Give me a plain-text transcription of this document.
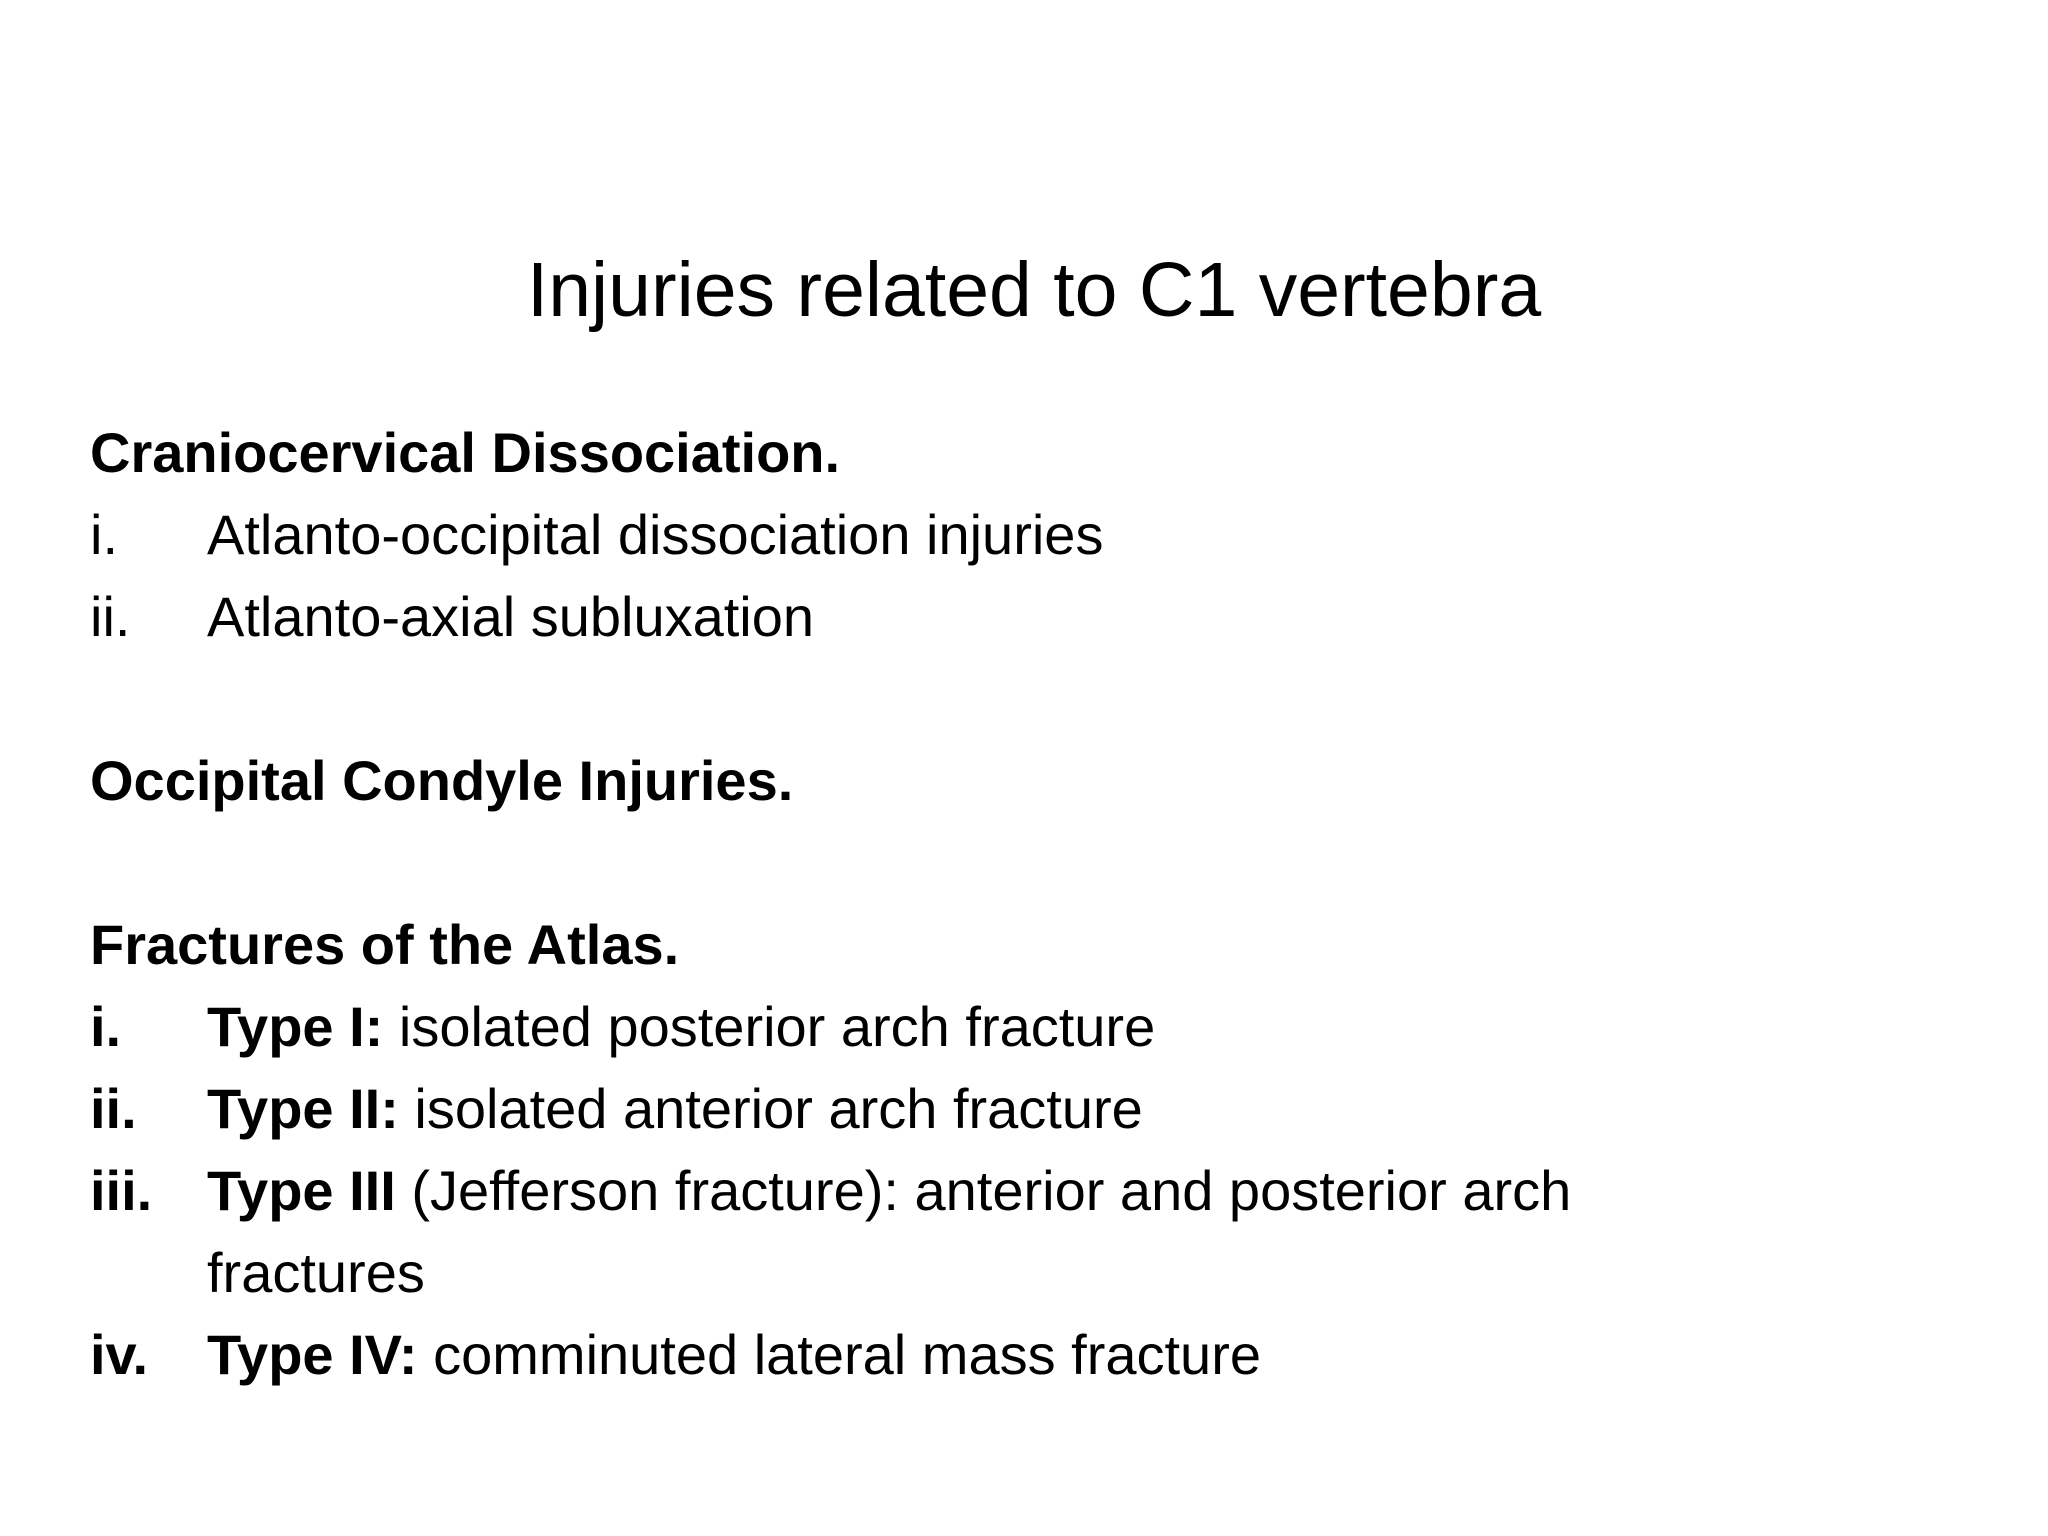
Injuries related to C1 vertebra

Craniocervical Dissociation.

i. Atlanto-occipital dissociation injuries
ii. Atlanto-axial subluxation

Occipital Condyle Injuries.

Fractures of the Atlas.

i. Type I: isolated posterior arch fracture
ii. Type II: isolated anterior arch fracture
iii. Type III (Jefferson fracture): anterior and posterior arch fractures
iv. Type IV: comminuted lateral mass fracture
